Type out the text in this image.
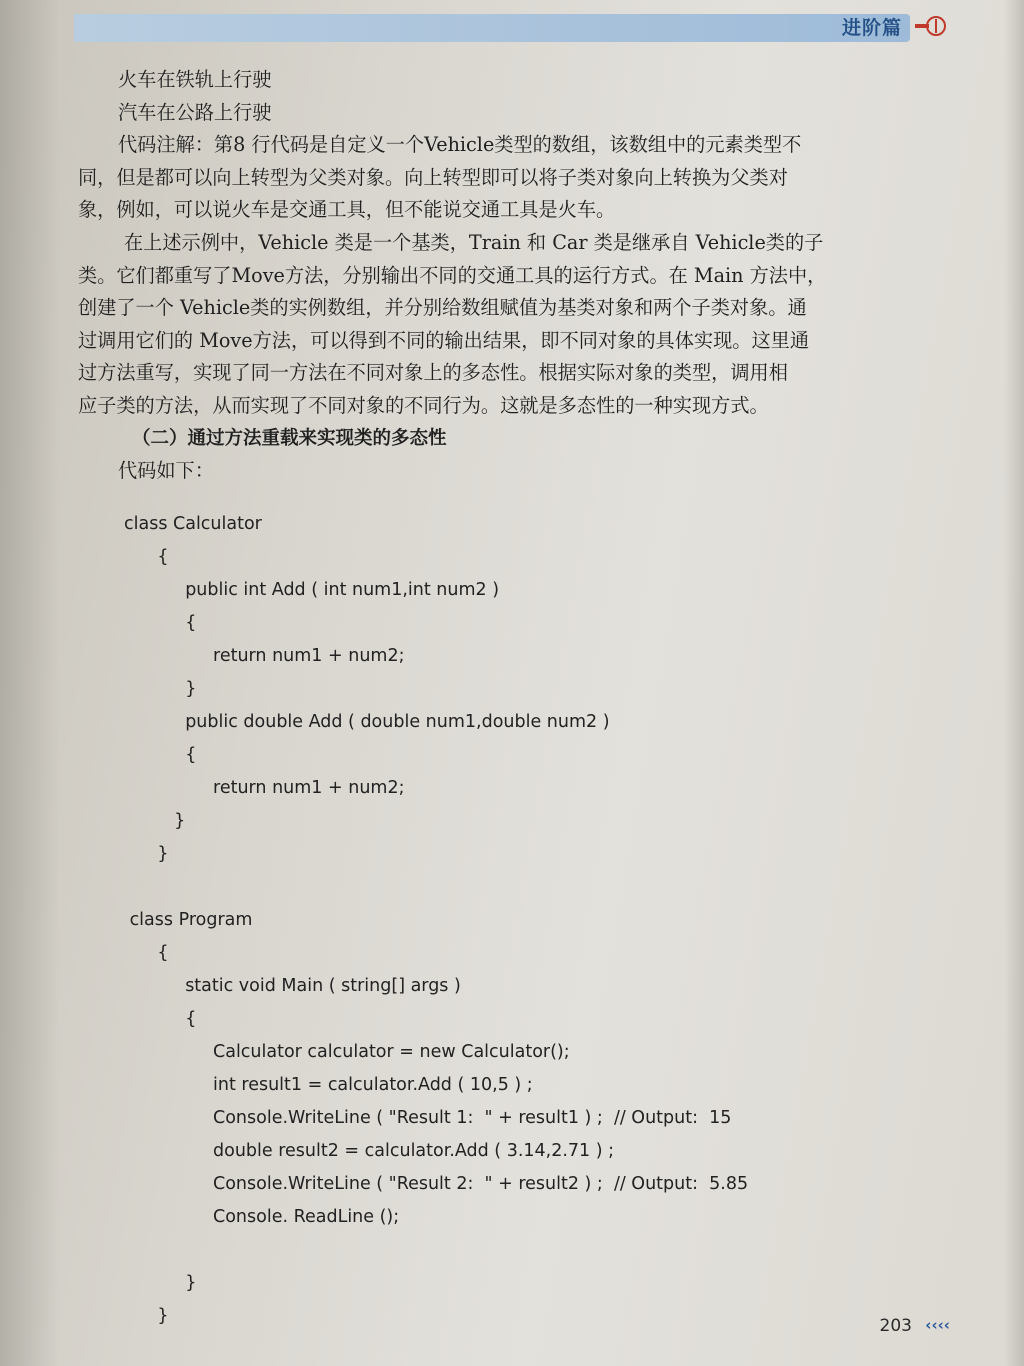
进阶篇

火车在铁轨上行驶

汽车在公路上行驶

代码注解：第8 行代码是自定义一个Vehicle类型的数组，该数组中的元素类型不

同，但是都可以向上转型为父类对象。向上转型即可以将子类对象向上转换为父类对

象，例如，可以说火车是交通工具，但不能说交通工具是火车。

在上述示例中，Vehicle 类是一个基类，Train 和 Car 类是继承自 Vehicle类的子

类。它们都重写了Move方法，分别输出不同的交通工具的运行方式。在 Main 方法中，

创建了一个 Vehicle类的实例数组，并分别给数组赋值为基类对象和两个子类对象。通

过调用它们的 Move方法，可以得到不同的输出结果，即不同对象的具体实现。这里通

过方法重写，实现了同一方法在不同对象上的多态性。根据实际对象的类型，调用相

应子类的方法，从而实现了不同对象的不同行为。这就是多态性的一种实现方式。

（二）通过方法重载来实现类的多态性

代码如下：

class Calculator
{
public int Add ( int num1,int num2 )
{
return num1 + num2;
}
public double Add ( double num1,double num2 )
{
return num1 + num2;
}
}
class Program
{
static void Main ( string[] args )
{
Calculator calculator = new Calculator();
int result1 = calculator.Add ( 10,5 ) ;
Console.WriteLine ( "Result 1:  " + result1 ) ;  // Output:  15
double result2 = calculator.Add ( 3.14,2.71 ) ;
Console.WriteLine ( "Result 2:  " + result2 ) ;  // Output:  5.85
Console. ReadLine ();
}
}	203 ‹‹‹‹
